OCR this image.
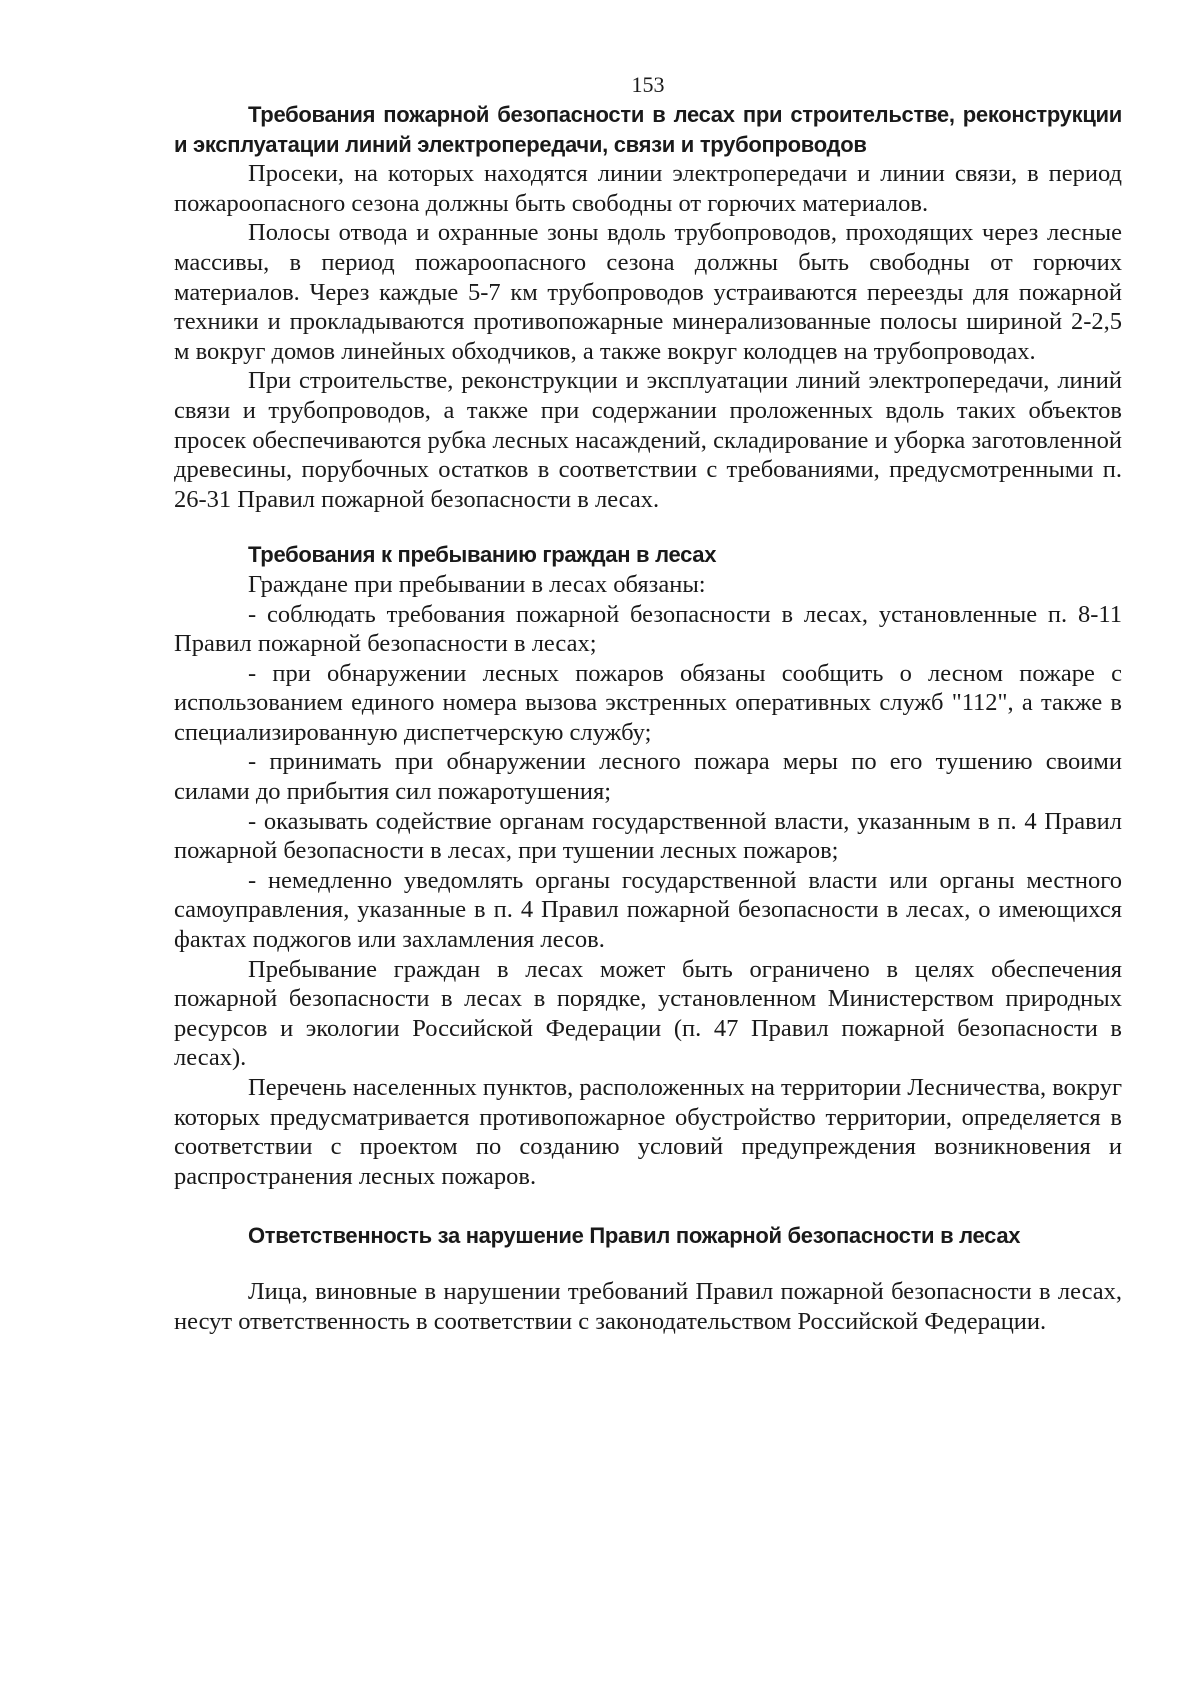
153

Требования пожарной безопасности в лесах при строительстве, реконструкции и эксплуатации линий электропередачи, связи и трубопроводов

Просеки, на которых находятся линии электропередачи и линии связи, в период пожароопасного сезона должны быть свободны от горючих материалов.

Полосы отвода и охранные зоны вдоль трубопроводов, проходящих через лесные массивы, в период пожароопасного сезона должны быть свободны от горючих материалов. Через каждые 5-7 км трубопроводов устраиваются переезды для пожарной техники и прокладываются противопожарные минерализованные полосы шириной 2-2,5 м вокруг домов линейных обходчиков, а также вокруг колодцев на трубопроводах.

При строительстве, реконструкции и эксплуатации линий электропередачи, линий связи и трубопроводов, а также при содержании проложенных вдоль таких объектов просек обеспечиваются рубка лесных насаждений, складирование и уборка заготовленной древесины, порубочных остатков в соответствии с требованиями, предусмотренными п. 26-31 Правил пожарной безопасности в лесах.

Требования к пребыванию граждан в лесах

Граждане при пребывании в лесах обязаны:

- соблюдать требования пожарной безопасности в лесах, установленные п. 8-11 Правил пожарной безопасности в лесах;

- при обнаружении лесных пожаров обязаны сообщить о лесном пожаре с использованием единого номера вызова экстренных оперативных служб "112", а также в специализированную диспетчерскую службу;

- принимать при обнаружении лесного пожара меры по его тушению своими силами до прибытия сил пожаротушения;

- оказывать содействие органам государственной власти, указанным в п. 4 Правил пожарной безопасности в лесах, при тушении лесных пожаров;

- немедленно уведомлять органы государственной власти или органы местного самоуправления, указанные в п. 4 Правил пожарной безопасности в лесах, о имеющихся фактах поджогов или захламления лесов.

Пребывание граждан в лесах может быть ограничено в целях обеспечения пожарной безопасности в лесах в порядке, установленном Министерством природных ресурсов и экологии Российской Федерации (п. 47 Правил пожарной безопасности в лесах).

Перечень населенных пунктов, расположенных на территории Лесничества, вокруг которых предусматривается противопожарное обустройство территории, определяется в соответствии с проектом по созданию условий предупреждения возникновения и распространения лесных пожаров.

Ответственность за нарушение Правил пожарной безопасности в лесах

Лица, виновные в нарушении требований Правил пожарной безопасности в лесах, несут ответственность в соответствии с законодательством Российской Федерации.
